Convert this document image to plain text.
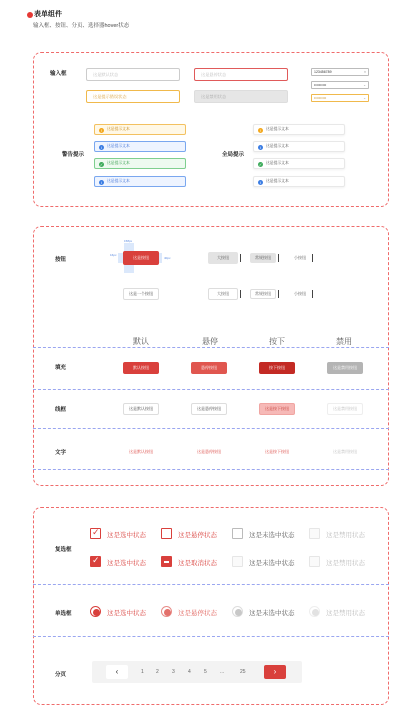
表单组件
输入框、按钮、分页、选择器hover状态
输入框	这是默认状态	这是悬停状态
这是提示错误状态	这是禁用状态
123456789	×
••••••••••	⌄
••••••••••	⌄
警告提示
!	这是提示文本
i	这是提示文本
✓ 这是提示文本
i	这是提示文本
全局提示
!	这是提示文本
i	这是提示文本
✓ 这是提示文本
i	这是提示文本
按钮
158px
16px
40px
这是按钮
这是一个按钮
大按钮	常规按钮	小按钮
大按钮	常规按钮	小按钮
默认	悬停	按下	禁用
填充	默认按钮	悬停按钮	按下按钮	这是禁用按钮
线框	这是默认按钮	这是悬停按钮	这是按下按钮	这是禁用按钮
文字	这是默认按钮	这是悬停按钮	这是按下按钮	这是禁用按钮
复选框
✓ 这是选中状态	这是悬停状态	这是未选中状态	这是禁用状态
✓ 这是选中状态	这是取消状态	这是未选中状态	这是禁用状态
单选框	这是选中状态	这是悬停状态	这是未选中状态	这是禁用状态
分页	‹	1 2	3	4	5	...	25	›
